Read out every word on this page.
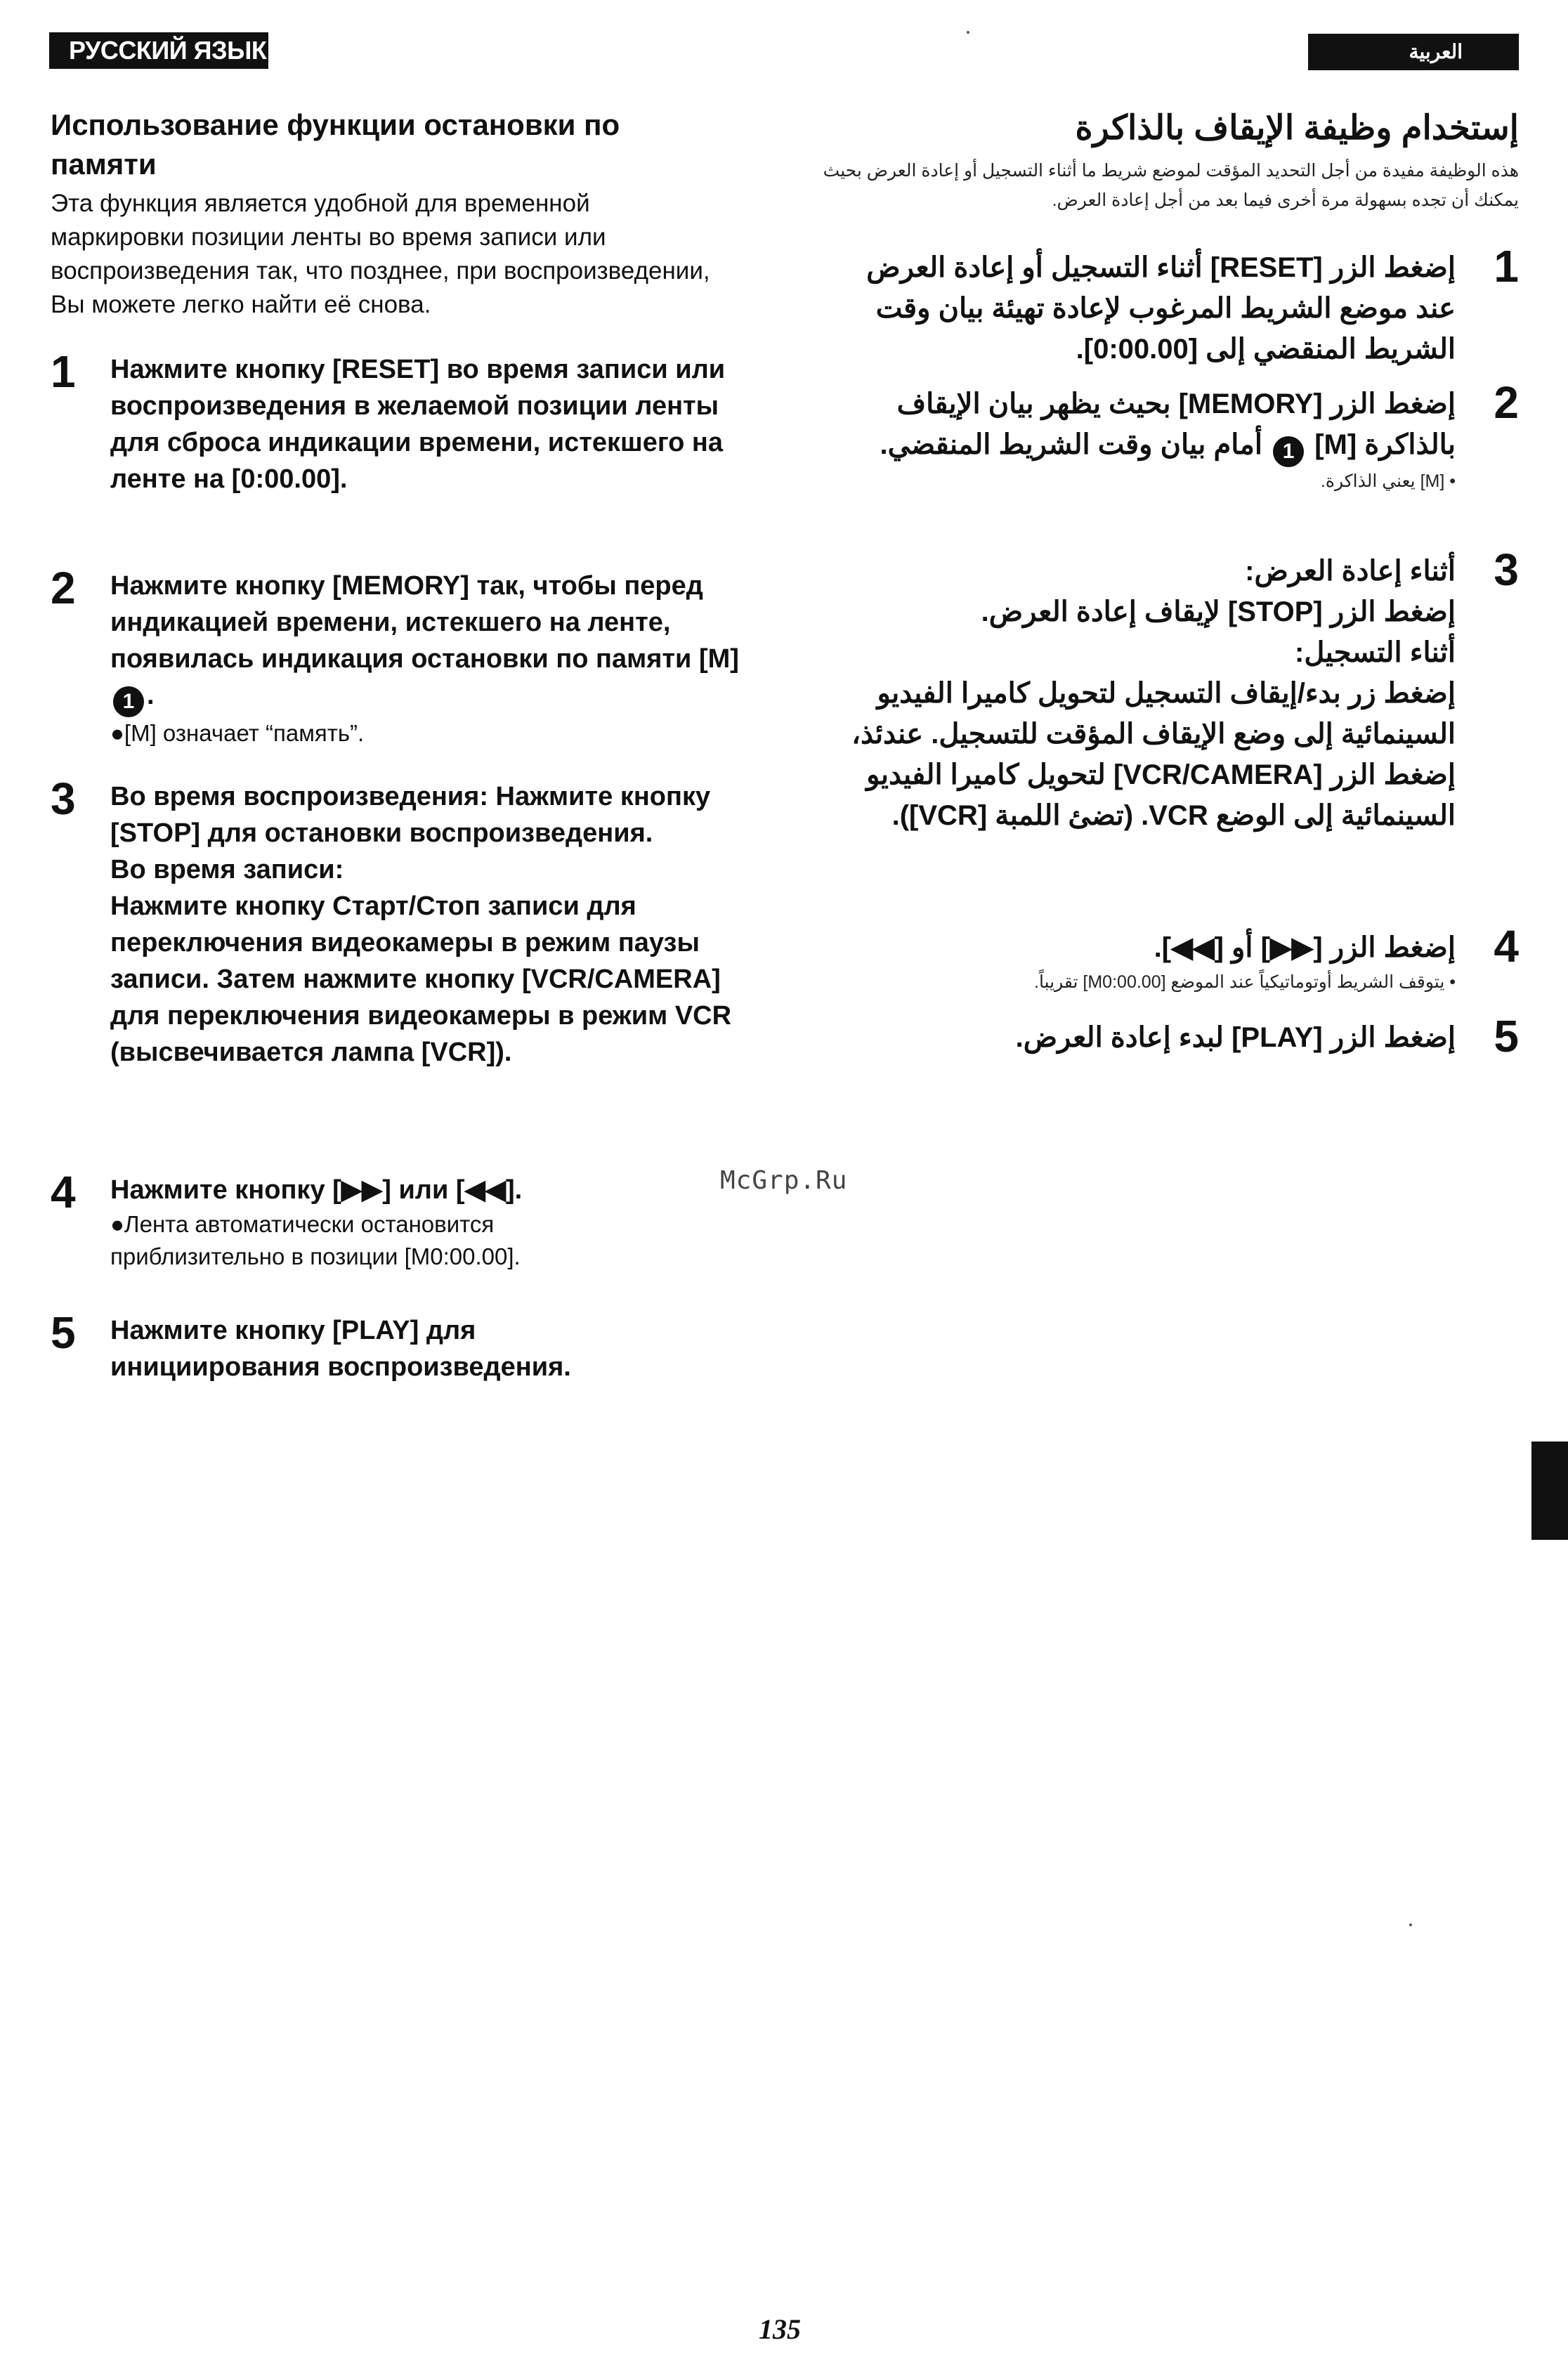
РУССКИЙ ЯЗЫК	العربية
Использование функции остановки по памяти

Эта функция является удобной для временной маркировки позиции ленты во время записи или воспроизведения так, что позднее, при воспроизведении, Вы можете легко найти её снова.

1 Нажмите кнопку [RESET] во время записи или воспроизведения в желаемой позиции ленты для сброса индикации времени, истекшего на ленте на [0:00.00].
2 Нажмите кнопку [MEMORY] так, чтобы перед индикацией времени, истекшего на ленте, появилась индикация остановки по памяти [M] 1 .
●[M] означает “память”.
3 Во время воспроизведения: Нажмите кнопку [STOP] для остановки воспроизведения.
Во время записи:
Нажмите кнопку Старт/Стоп записи для переключения видеокамеры в режим паузы записи. Затем нажмите кнопку [VCR/CAMERA] для переключения видеокамеры в режим VCR (высвечивается лампа [VCR]).
4 Нажмите кнопку [▶▶] или [◀◀].
●Лента автоматически остановится приблизительно в позиции [M0:00.00].
5 Нажмите кнопку [PLAY] для инициирования воспроизведения.
إستخدام وظيفة الإيقاف بالذاكرة

هذه الوظيفة مفيدة من أجل التحديد المؤقت لموضع شريط ما أثناء التسجيل أو إعادة العرض بحيث يمكنك أن تجده بسهولة مرة أخرى فيما بعد من أجل إعادة العرض.

1
إضغط الزر [RESET] أثناء التسجيل أو إعادة العرض عند موضع الشريط المرغوب لإعادة تهيئة بيان وقت الشريط المنقضي إلى [0:00.00].
2
إضغط الزر [MEMORY] بحيث يظهر بيان الإيقاف بالذاكرة [M] 1 أمام بيان وقت الشريط المنقضي.
• [M] يعني الذاكرة.
3
أثناء إعادة العرض:
إضغط الزر [STOP] لإيقاف إعادة العرض.
أثناء التسجيل:
إضغط زر بدء/إيقاف التسجيل لتحويل كاميرا الفيديو السينمائية إلى وضع الإيقاف المؤقت للتسجيل. عندئذ، إضغط الزر [VCR/CAMERA] لتحويل كاميرا الفيديو السينمائية إلى الوضع VCR. (تضئ اللمبة [VCR]).
4
إضغط الزر [▶▶] أو [◀◀].
• يتوقف الشريط أوتوماتيكياً عند الموضع [M0:00.00] تقريباً.
5
إضغط الزر [PLAY] لبدء إعادة العرض.
McGrp.Ru
135
